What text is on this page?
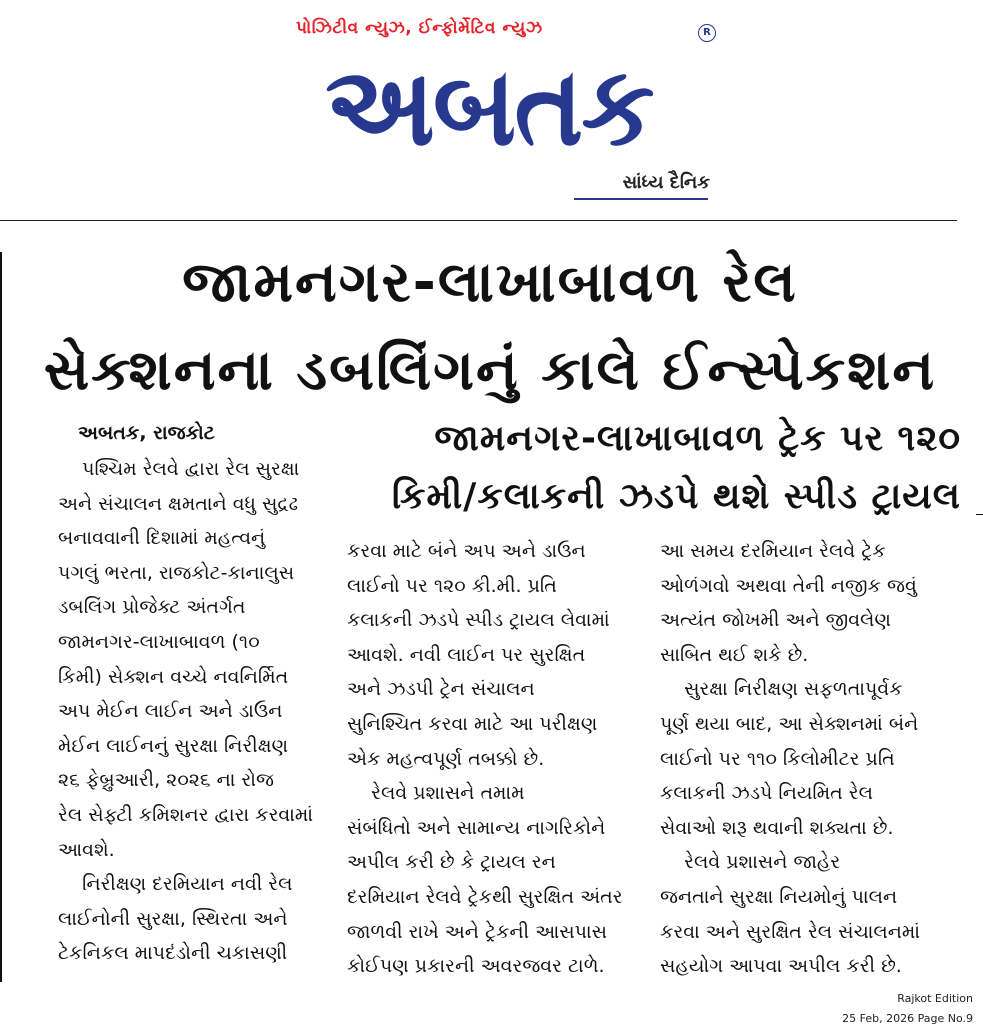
પોઝિટીવ ન્યુઝ, ઈન્ફોર્મેટિવ ન્યુઝ	R
અબતક
સાંધ્ય દૈનિક
જામનગર-લાખાબાવળ રેલ
સેક્શનના ડબલિંગનું કાલે ઈન્સ્પેકશન
જામનગર-લાખાબાવળ ટ્રેક પર ૧૨૦
કિમી/કલાકની ઝડપે થશે સ્પીડ ટ્રાયલ
અબતક, રાજકોટ
પશ્ચિમ રેલવે દ્વારા રેલ સુરક્ષા
અને સંચાલન ક્ષમતાને વધુ સુદ્રઢ
બનાવવાની દિશામાં મહત્વનું
પગલું ભરતા, રાજકોટ-કાનાલુસ
ડબલિંગ પ્રોજેક્ટ અંતર્ગત
જામનગર-લાખાબાવળ (૧૦
કિમી) સેક્શન વચ્ચે નવનિર્મિત
અપ મેઈન લાઈન અને ડાઉન
મેઈન લાઈનનું સુરક્ષા નિરીક્ષણ
૨૬ ફેબ્રુઆરી, ૨૦૨૬ ના રોજ
રેલ સેફ્ટી કમિશનર દ્વારા કરવામાં
આવશે.
નિરીક્ષણ દરમિયાન નવી રેલ
લાઈનોની સુરક્ષા, સ્થિરતા અને
ટેકનિકલ માપદંડોની ચકાસણી
કરવા માટે બંને અપ અને ડાઉન
લાઈનો પર ૧૨૦ કી.મી. પ્રતિ
કલાકની ઝડપે સ્પીડ ટ્રાયલ લેવામાં
આવશે. નવી લાઈન પર સુરક્ષિત
અને ઝડપી ટ્રેન સંચાલન
સુનિશ્ચિત કરવા માટે આ પરીક્ષણ
એક મહત્વપૂર્ણ તબક્કો છે.
રેલવે પ્રશાસને તમામ
સંબંધિતો અને સામાન્ય નાગરિકોને
અપીલ કરી છે કે ટ્રાયલ રન
દરમિયાન રેલવે ટ્રેકથી સુરક્ષિત અંતર
જાળવી રાખે અને ટ્રેકની આસપાસ
કોઈપણ પ્રકારની અવરજવર ટાળે.
આ સમય દરમિયાન રેલવે ટ્રેક
ઓળંગવો અથવા તેની નજીક જવું
અત્યંત જોખમી અને જીવલેણ
સાબિત થઈ શકે છે.
સુરક્ષા નિરીક્ષણ સફળતાપૂર્વક
પૂર્ણ થયા બાદ, આ સેક્શનમાં બંને
લાઈનો પર ૧૧૦ કિલોમીટર પ્રતિ
કલાકની ઝડપે નિયમિત રેલ
સેવાઓ શરૂ થવાની શક્યતા છે.
રેલવે પ્રશાસને જાહેર
જનતાને સુરક્ષા નિયમોનું પાલન
કરવા અને સુરક્ષિત રેલ સંચાલનમાં
સહયોગ આપવા અપીલ કરી છે.
Rajkot Edition
25 Feb, 2026 Page No.9
